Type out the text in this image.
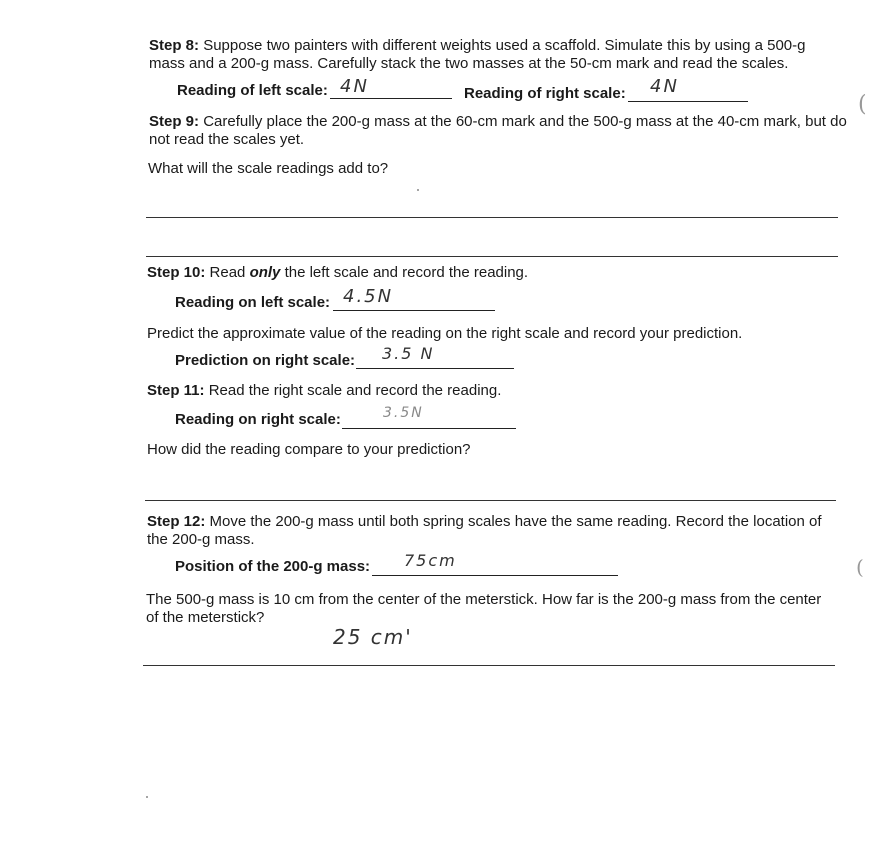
Step 8: Suppose two painters with different weights used a scaffold. Simulate this by using a 500-g mass and a 200-g mass. Carefully stack the two masses at the 50-cm mark and read the scales.
Reading of left scale: 4N	Reading of right scale: 4N
Step 9: Carefully place the 200-g mass at the 60-cm mark and the 500-g mass at the 40-cm mark, but do not read the scales yet.
What will the scale readings add to?
Step 10: Read only the left scale and record the reading.
Reading on left scale: 4.5N
Predict the approximate value of the reading on the right scale and record your prediction.
Prediction on right scale: 3.5 N
Step 11: Read the right scale and record the reading.
Reading on right scale:	3.5N
How did the reading compare to your prediction?
Step 12: Move the 200-g mass until both spring scales have the same reading. Record the location of the 200-g mass.
Position of the 200-g mass: 75cm
The 500-g mass is 10 cm from the center of the meterstick. How far is the 200-g mass from the center of the meterstick?
25 cm'
(
(
